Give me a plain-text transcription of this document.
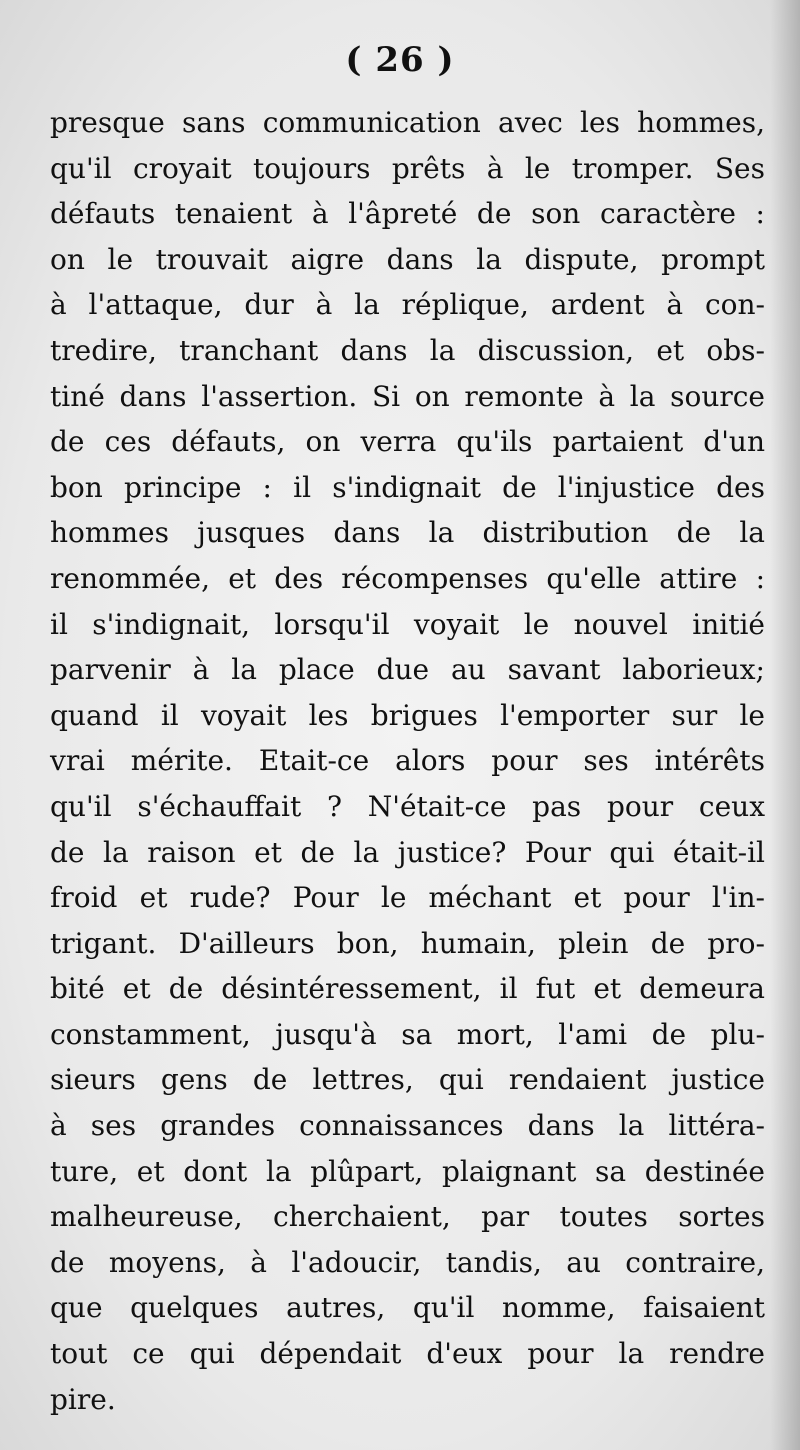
( 26 )
presque sans communication avec les hommes,
qu'il croyait toujours prêts à le tromper. Ses
défauts tenaient à l'âpreté de son caractère :
on le trouvait aigre dans la dispute, prompt
à l'attaque, dur à la réplique, ardent à con-
tredire, tranchant dans la discussion, et obs-
tiné dans l'assertion. Si on remonte à la source
de ces défauts, on verra qu'ils partaient d'un
bon principe : il s'indignait de l'injustice des
hommes jusques dans la distribution de la
renommée, et des récompenses qu'elle attire :
il s'indignait, lorsqu'il voyait le nouvel initié
parvenir à la place due au savant laborieux;
quand il voyait les brigues l'emporter sur le
vrai mérite. Etait-ce alors pour ses intérêts
qu'il s'échauffait ? N'était-ce pas pour ceux
de la raison et de la justice? Pour qui était-il
froid et rude? Pour le méchant et pour l'in-
trigant. D'ailleurs bon, humain, plein de pro-
bité et de désintéressement, il fut et demeura
constamment, jusqu'à sa mort, l'ami de plu-
sieurs gens de lettres, qui rendaient justice
à ses grandes connaissances dans la littéra-
ture, et dont la plûpart, plaignant sa destinée
malheureuse, cherchaient, par toutes sortes
de moyens, à l'adoucir, tandis, au contraire,
que quelques autres, qu'il nomme, faisaient
tout ce qui dépendait d'eux pour la rendre
pire.
